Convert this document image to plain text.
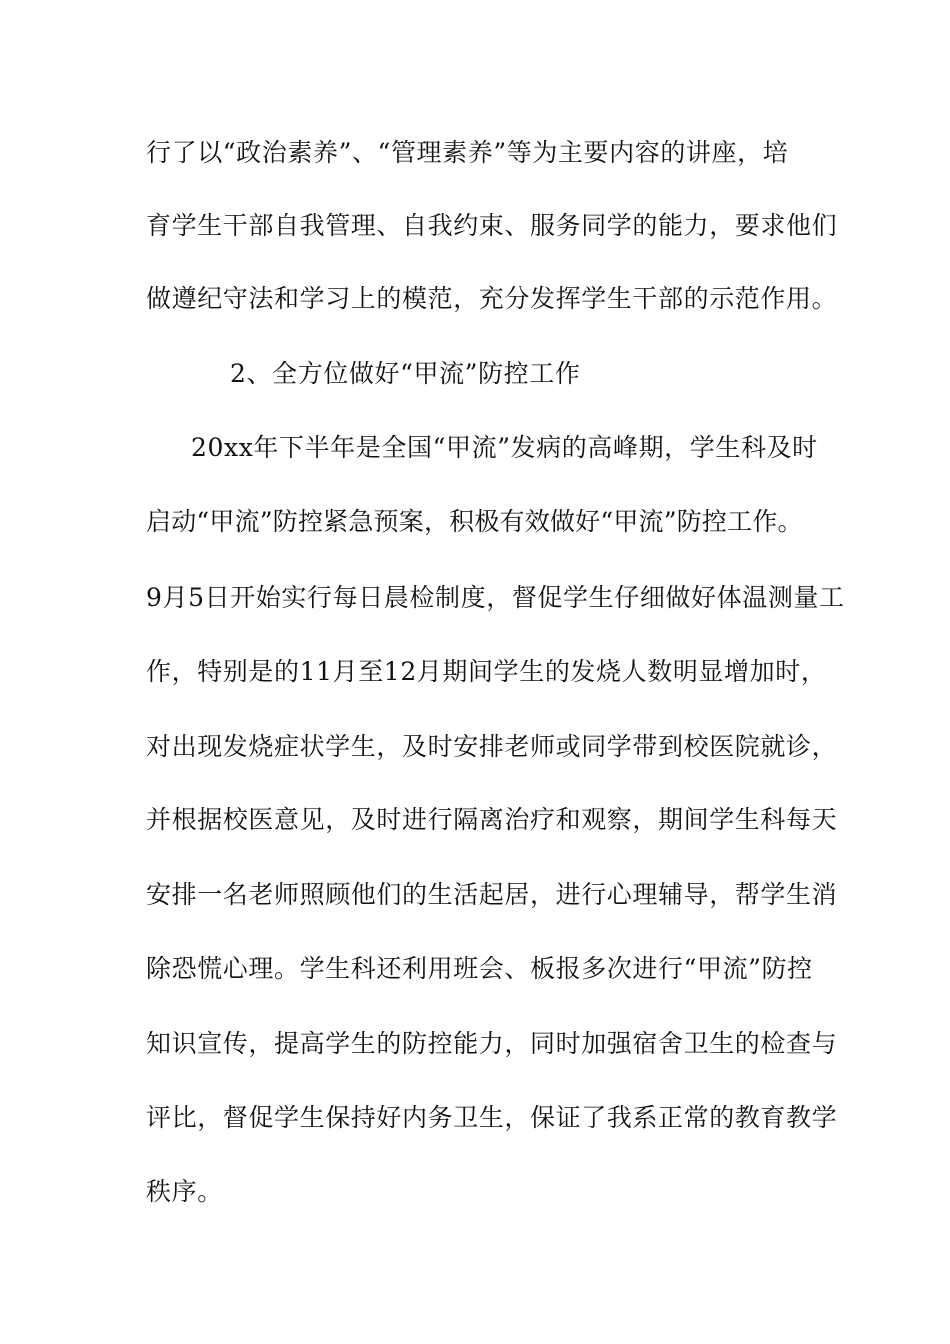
行了以“政治素养”、“管理素养”等为主要内容的讲座，培
育学生干部自我管理、自我约束、服务同学的能力，要求他们
做遵纪守法和学习上的模范，充分发挥学生干部的示范作用。
2、全方位做好“甲流”防控工作
20xx年下半年是全国“甲流”发病的高峰期，学生科及时
启动“甲流”防控紧急预案，积极有效做好“甲流”防控工作。
9月5日开始实行每日晨检制度，督促学生仔细做好体温测量工
作，特别是的11月至12月期间学生的发烧人数明显增加时，
对出现发烧症状学生，及时安排老师或同学带到校医院就诊，
并根据校医意见，及时进行隔离治疗和观察，期间学生科每天
安排一名老师照顾他们的生活起居，进行心理辅导，帮学生消
除恐慌心理。学生科还利用班会、板报多次进行“甲流”防控
知识宣传，提高学生的防控能力，同时加强宿舍卫生的检查与
评比，督促学生保持好内务卫生，保证了我系正常的教育教学
秩序。
